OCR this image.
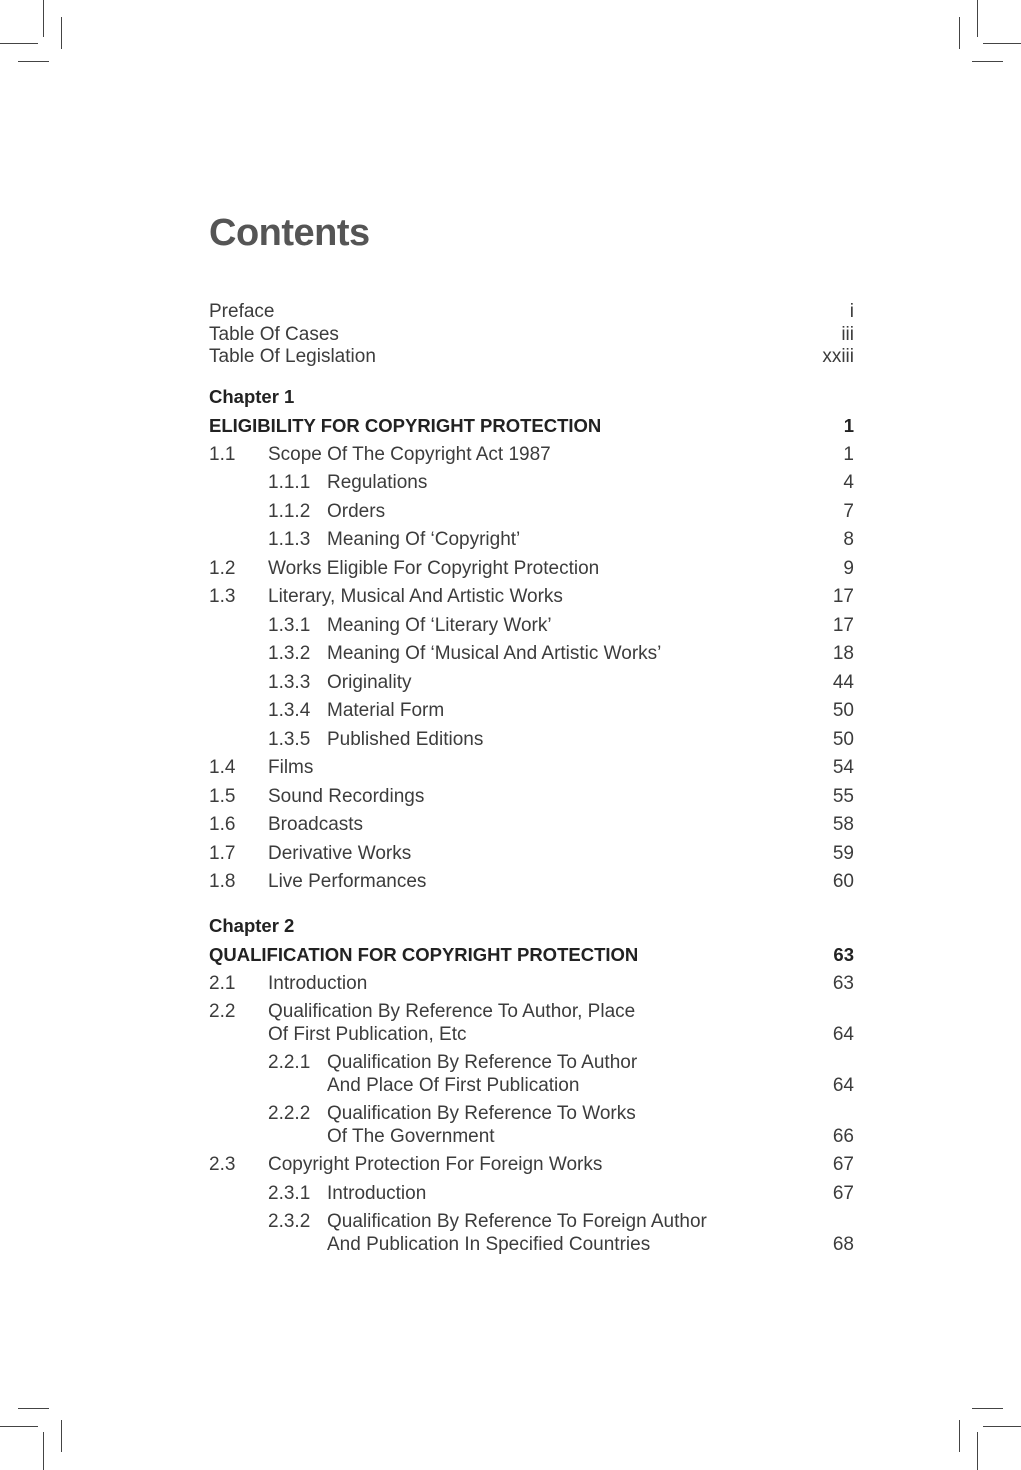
Contents
Preface	i
Table Of Cases	iii
Table Of Legislation	xxiii
Chapter 1
ELIGIBILITY FOR COPYRIGHT PROTECTION	1
1.1 Scope Of The Copyright Act 1987	1
1.1.1 Regulations	4
1.1.2 Orders	7
1.1.3 Meaning Of ‘Copyright’	8
1.2 Works Eligible For Copyright Protection	9
1.3 Literary, Musical And Artistic Works	17
1.3.1 Meaning Of ‘Literary Work’	17
1.3.2 Meaning Of ‘Musical And Artistic Works’	18
1.3.3 Originality	44
1.3.4 Material Form	50
1.3.5 Published Editions	50
1.4 Films	54
1.5 Sound Recordings	55
1.6 Broadcasts	58
1.7 Derivative Works	59
1.8 Live Performances	60
Chapter 2
QUALIFICATION FOR COPYRIGHT PROTECTION	63
2.1 Introduction	63
2.2 Qualification By Reference To Author, Place
Of First Publication, Etc	64
2.2.1 Qualification By Reference To Author
And Place Of First Publication	64
2.2.2 Qualification By Reference To Works
Of The Government	66
2.3 Copyright Protection For Foreign Works	67
2.3.1 Introduction	67
2.3.2 Qualification By Reference To Foreign Author
And Publication In Specified Countries	68
